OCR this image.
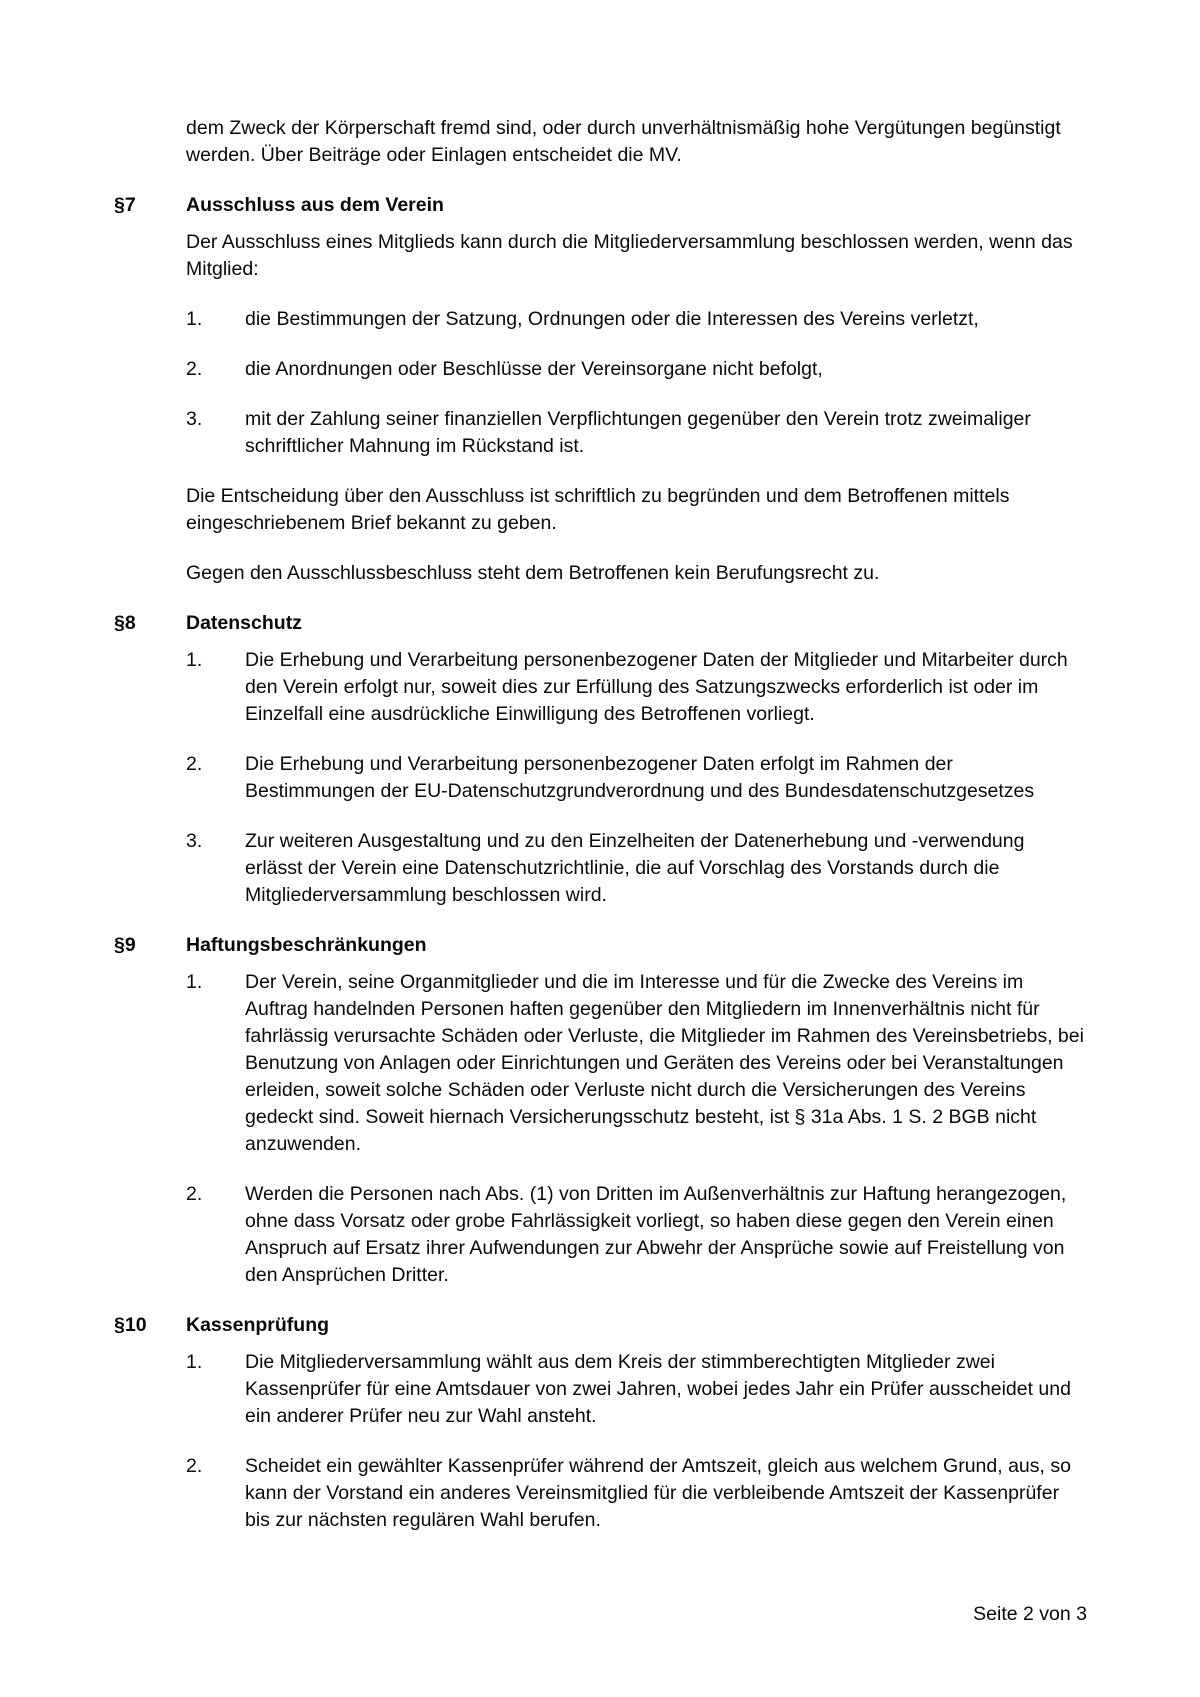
dem Zweck der Körperschaft fremd sind, oder durch unverhältnismäßig hohe Vergütungen begünstigt werden. Über Beiträge oder Einlagen entscheidet die MV.

§7	Ausschluss aus dem Verein

Der Ausschluss eines Mitglieds kann durch die Mitgliederversammlung beschlossen werden, wenn das Mitglied:

1.	die Bestimmungen der Satzung, Ordnungen oder die Interessen des Vereins verletzt,

2.	die Anordnungen oder Beschlüsse der Vereinsorgane nicht befolgt,

3.	mit der Zahlung seiner finanziellen Verpflichtungen gegenüber den Verein trotz zweimaliger schriftlicher Mahnung im Rückstand ist.

Die Entscheidung über den Ausschluss ist schriftlich zu begründen und dem Betroffenen mittels eingeschriebenem Brief bekannt zu geben.

Gegen den Ausschlussbeschluss steht dem Betroffenen kein Berufungsrecht zu.

§8	Datenschutz
1.	Die Erhebung und Verarbeitung personenbezogener Daten der Mitglieder und Mitarbeiter durch den Verein erfolgt nur, soweit dies zur Erfüllung des Satzungszwecks erforderlich ist oder im Einzelfall eine ausdrückliche Einwilligung des Betroffenen vorliegt.

2.	Die Erhebung und Verarbeitung personenbezogener Daten erfolgt im Rahmen der Bestimmungen der EU-Datenschutzgrundverordnung und des Bundesdatenschutzgesetzes

3.	Zur weiteren Ausgestaltung und zu den Einzelheiten der Datenerhebung und -verwendung erlässt der Verein eine Datenschutzrichtlinie, die auf Vorschlag des Vorstands durch die Mitgliederversammlung beschlossen wird.

§9	Haftungsbeschränkungen
1.	Der Verein, seine Organmitglieder und die im Interesse und für die Zwecke des Vereins im Auftrag handelnden Personen haften gegenüber den Mitgliedern im Innenverhältnis nicht für fahrlässig verursachte Schäden oder Verluste, die Mitglieder im Rahmen des Vereinsbetriebs, bei Benutzung von Anlagen oder Einrichtungen und Geräten des Vereins oder bei Veranstaltungen erleiden, soweit solche Schäden oder Verluste nicht durch die Versicherungen des Vereins gedeckt sind. Soweit hiernach Versicherungsschutz besteht, ist § 31a Abs. 1 S. 2 BGB nicht anzuwenden.

2.	Werden die Personen nach Abs. (1) von Dritten im Außenverhältnis zur Haftung herangezogen, ohne dass Vorsatz oder grobe Fahrlässigkeit vorliegt, so haben diese gegen den Verein einen Anspruch auf Ersatz ihrer Aufwendungen zur Abwehr der Ansprüche sowie auf Freistellung von den Ansprüchen Dritter.

§10	Kassenprüfung
1.	Die Mitgliederversammlung wählt aus dem Kreis der stimmberechtigten Mitglieder zwei Kassenprüfer für eine Amtsdauer von zwei Jahren, wobei jedes Jahr ein Prüfer ausscheidet und ein anderer Prüfer neu zur Wahl ansteht.

2.	Scheidet ein gewählter Kassenprüfer während der Amtszeit, gleich aus welchem Grund, aus, so kann der Vorstand ein anderes Vereinsmitglied für die verbleibende Amtszeit der Kassenprüfer bis zur nächsten regulären Wahl berufen.

Seite 2 von 3
